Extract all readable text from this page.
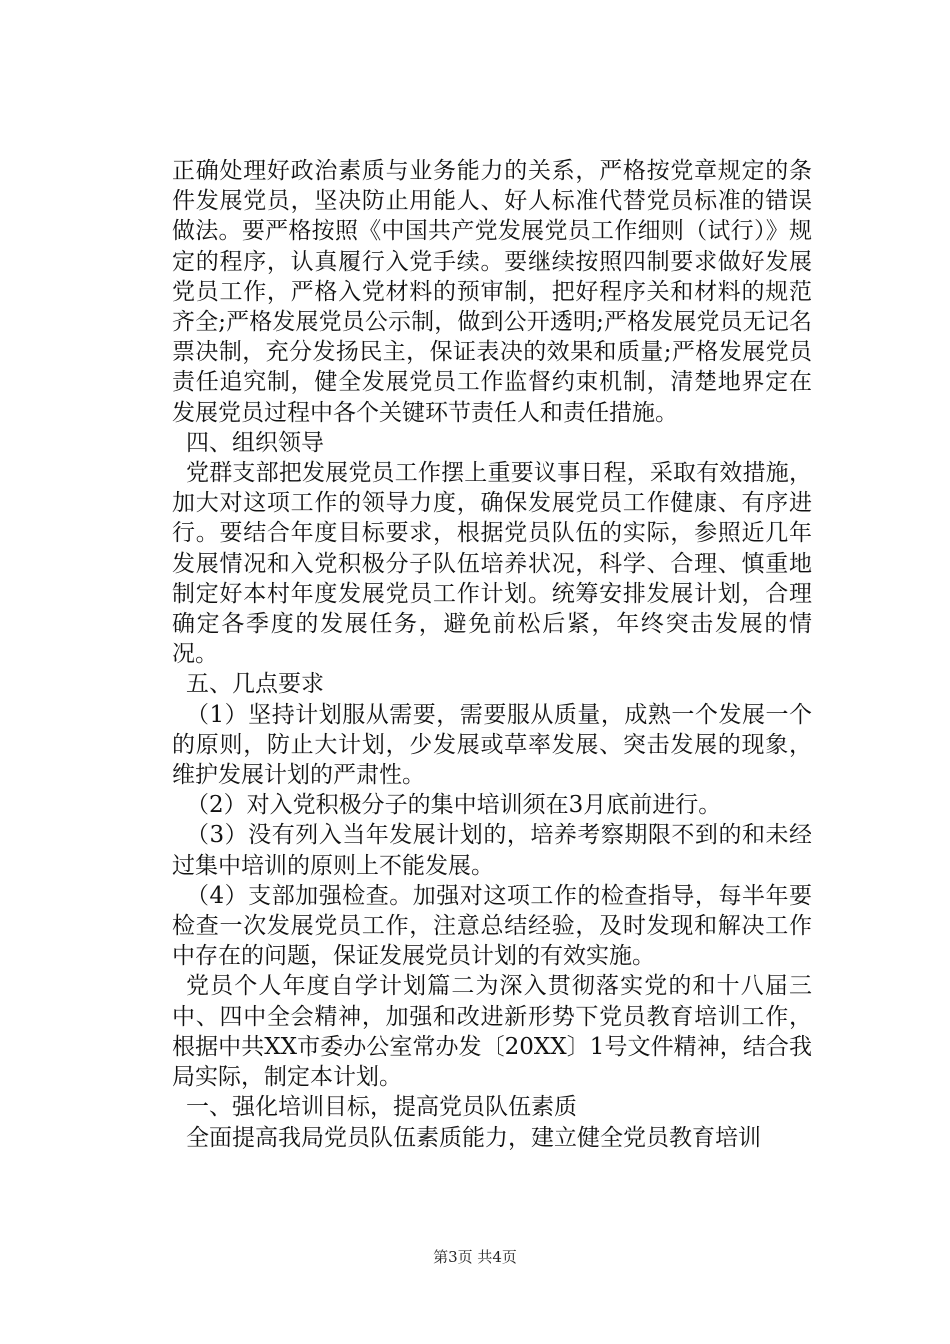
正确处理好政治素质与业务能力的关系，严格按党章规定的条件发展党员，坚决防止用能人、好人标准代替党员标准的错误做法。要严格按照《中国共产党发展党员工作细则（试行）》规定的程序，认真履行入党手续。要继续按照四制要求做好发展党员工作，严格入党材料的预审制，把好程序关和材料的规范齐全;严格发展党员公示制，做到公开透明;严格发展党员无记名票决制，充分发扬民主，保证表决的效果和质量;严格发展党员责任追究制，健全发展党员工作监督约束机制，清楚地界定在发展党员过程中各个关键环节责任人和责任措施。

四、组织领导

党群支部把发展党员工作摆上重要议事日程，采取有效措施，加大对这项工作的领导力度，确保发展党员工作健康、有序进行。要结合年度目标要求，根据党员队伍的实际，参照近几年发展情况和入党积极分子队伍培养状况，科学、合理、慎重地制定好本村年度发展党员工作计划。统筹安排发展计划，合理确定各季度的发展任务，避免前松后紧，年终突击发展的情况。

五、几点要求

（1）坚持计划服从需要，需要服从质量，成熟一个发展一个的原则，防止大计划，少发展或草率发展、突击发展的现象，维护发展计划的严肃性。

（2）对入党积极分子的集中培训须在3月底前进行。

（3）没有列入当年发展计划的，培养考察期限不到的和未经过集中培训的原则上不能发展。

（4）支部加强检查。加强对这项工作的检查指导，每半年要检查一次发展党员工作，注意总结经验，及时发现和解决工作中存在的问题，保证发展党员计划的有效实施。

党员个人年度自学计划篇二为深入贯彻落实党的和十八届三中、四中全会精神，加强和改进新形势下党员教育培训工作，根据中共XX市委办公室常办发〔20XX〕1号文件精神，结合我局实际，制定本计划。

一、强化培训目标，提高党员队伍素质

全面提高我局党员队伍素质能力，建立健全党员教育培训

第3页 共4页
